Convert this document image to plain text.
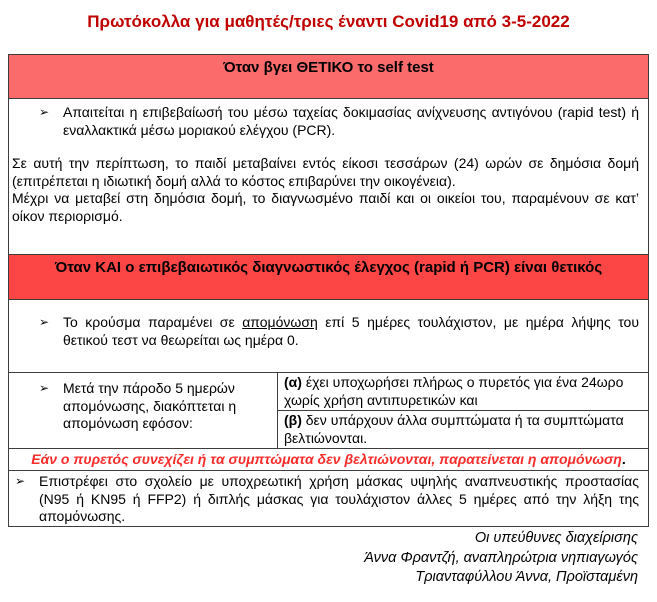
Πρωτόκολλα για μαθητές/τριες έναντι Covid19 από 3-5-2022
Όταν βγει ΘΕΤΙΚΟ το self test
➢ Απαιτείται η επιβεβαίωσή του μέσω ταχείας δοκιμασίας ανίχνευσης αντιγόνου (rapid test) ή εναλλακτικά μέσω μοριακού ελέγχου (PCR).

Σε αυτή την περίπτωση, το παιδί μεταβαίνει εντός είκοσι τεσσάρων (24) ωρών σε δημόσια δομή (επιτρέπεται η ιδιωτική δομή αλλά το κόστος επιβαρύνει την οικογένεια).

Μέχρι να μεταβεί στη δημόσια δομή, το διαγνωσμένο παιδί και οι οικείοι του, παραμένουν σε κατ’ οίκον περιορισμό.

Όταν ΚΑΙ ο επιβεβαιωτικός διαγνωστικός έλεγχος (rapid ή PCR) είναι θετικός
➢ Το κρούσμα παραμένει σε απομόνωση επί 5 ημέρες τουλάχιστον, με ημέρα λήψης του θετικού τεστ να θεωρείται ως ημέρα 0.
➢ Μετά την πάροδο 5 ημερών απομόνωσης, διακόπτεται η απομόνωση εφόσον:
(α) έχει υποχωρήσει πλήρως ο πυρετός για ένα 24ωρο χωρίς χρήση αντιπυρετικών και
(β) δεν υπάρχουν άλλα συμπτώματα ή τα συμπτώματα βελτιώνονται.
Εάν ο πυρετός συνεχίζει ή τα συμπτώματα δεν βελτιώνονται, παρατείνεται η απομόνωση.
➢ Επιστρέφει στο σχολείο με υποχρεωτική χρήση μάσκας υψηλής αναπνευστικής προστασίας (Ν95 ή ΚΝ95 ή FFP2) ή διπλής μάσκας για τουλάχιστον άλλες 5 ημέρες από την λήξη της απομόνωσης.
Οι υπεύθυνες διαχείρισης
Άννα Φραντζή, αναπληρώτρια νηπιαγωγός
Τριανταφύλλου Άννα, Προϊσταμένη
